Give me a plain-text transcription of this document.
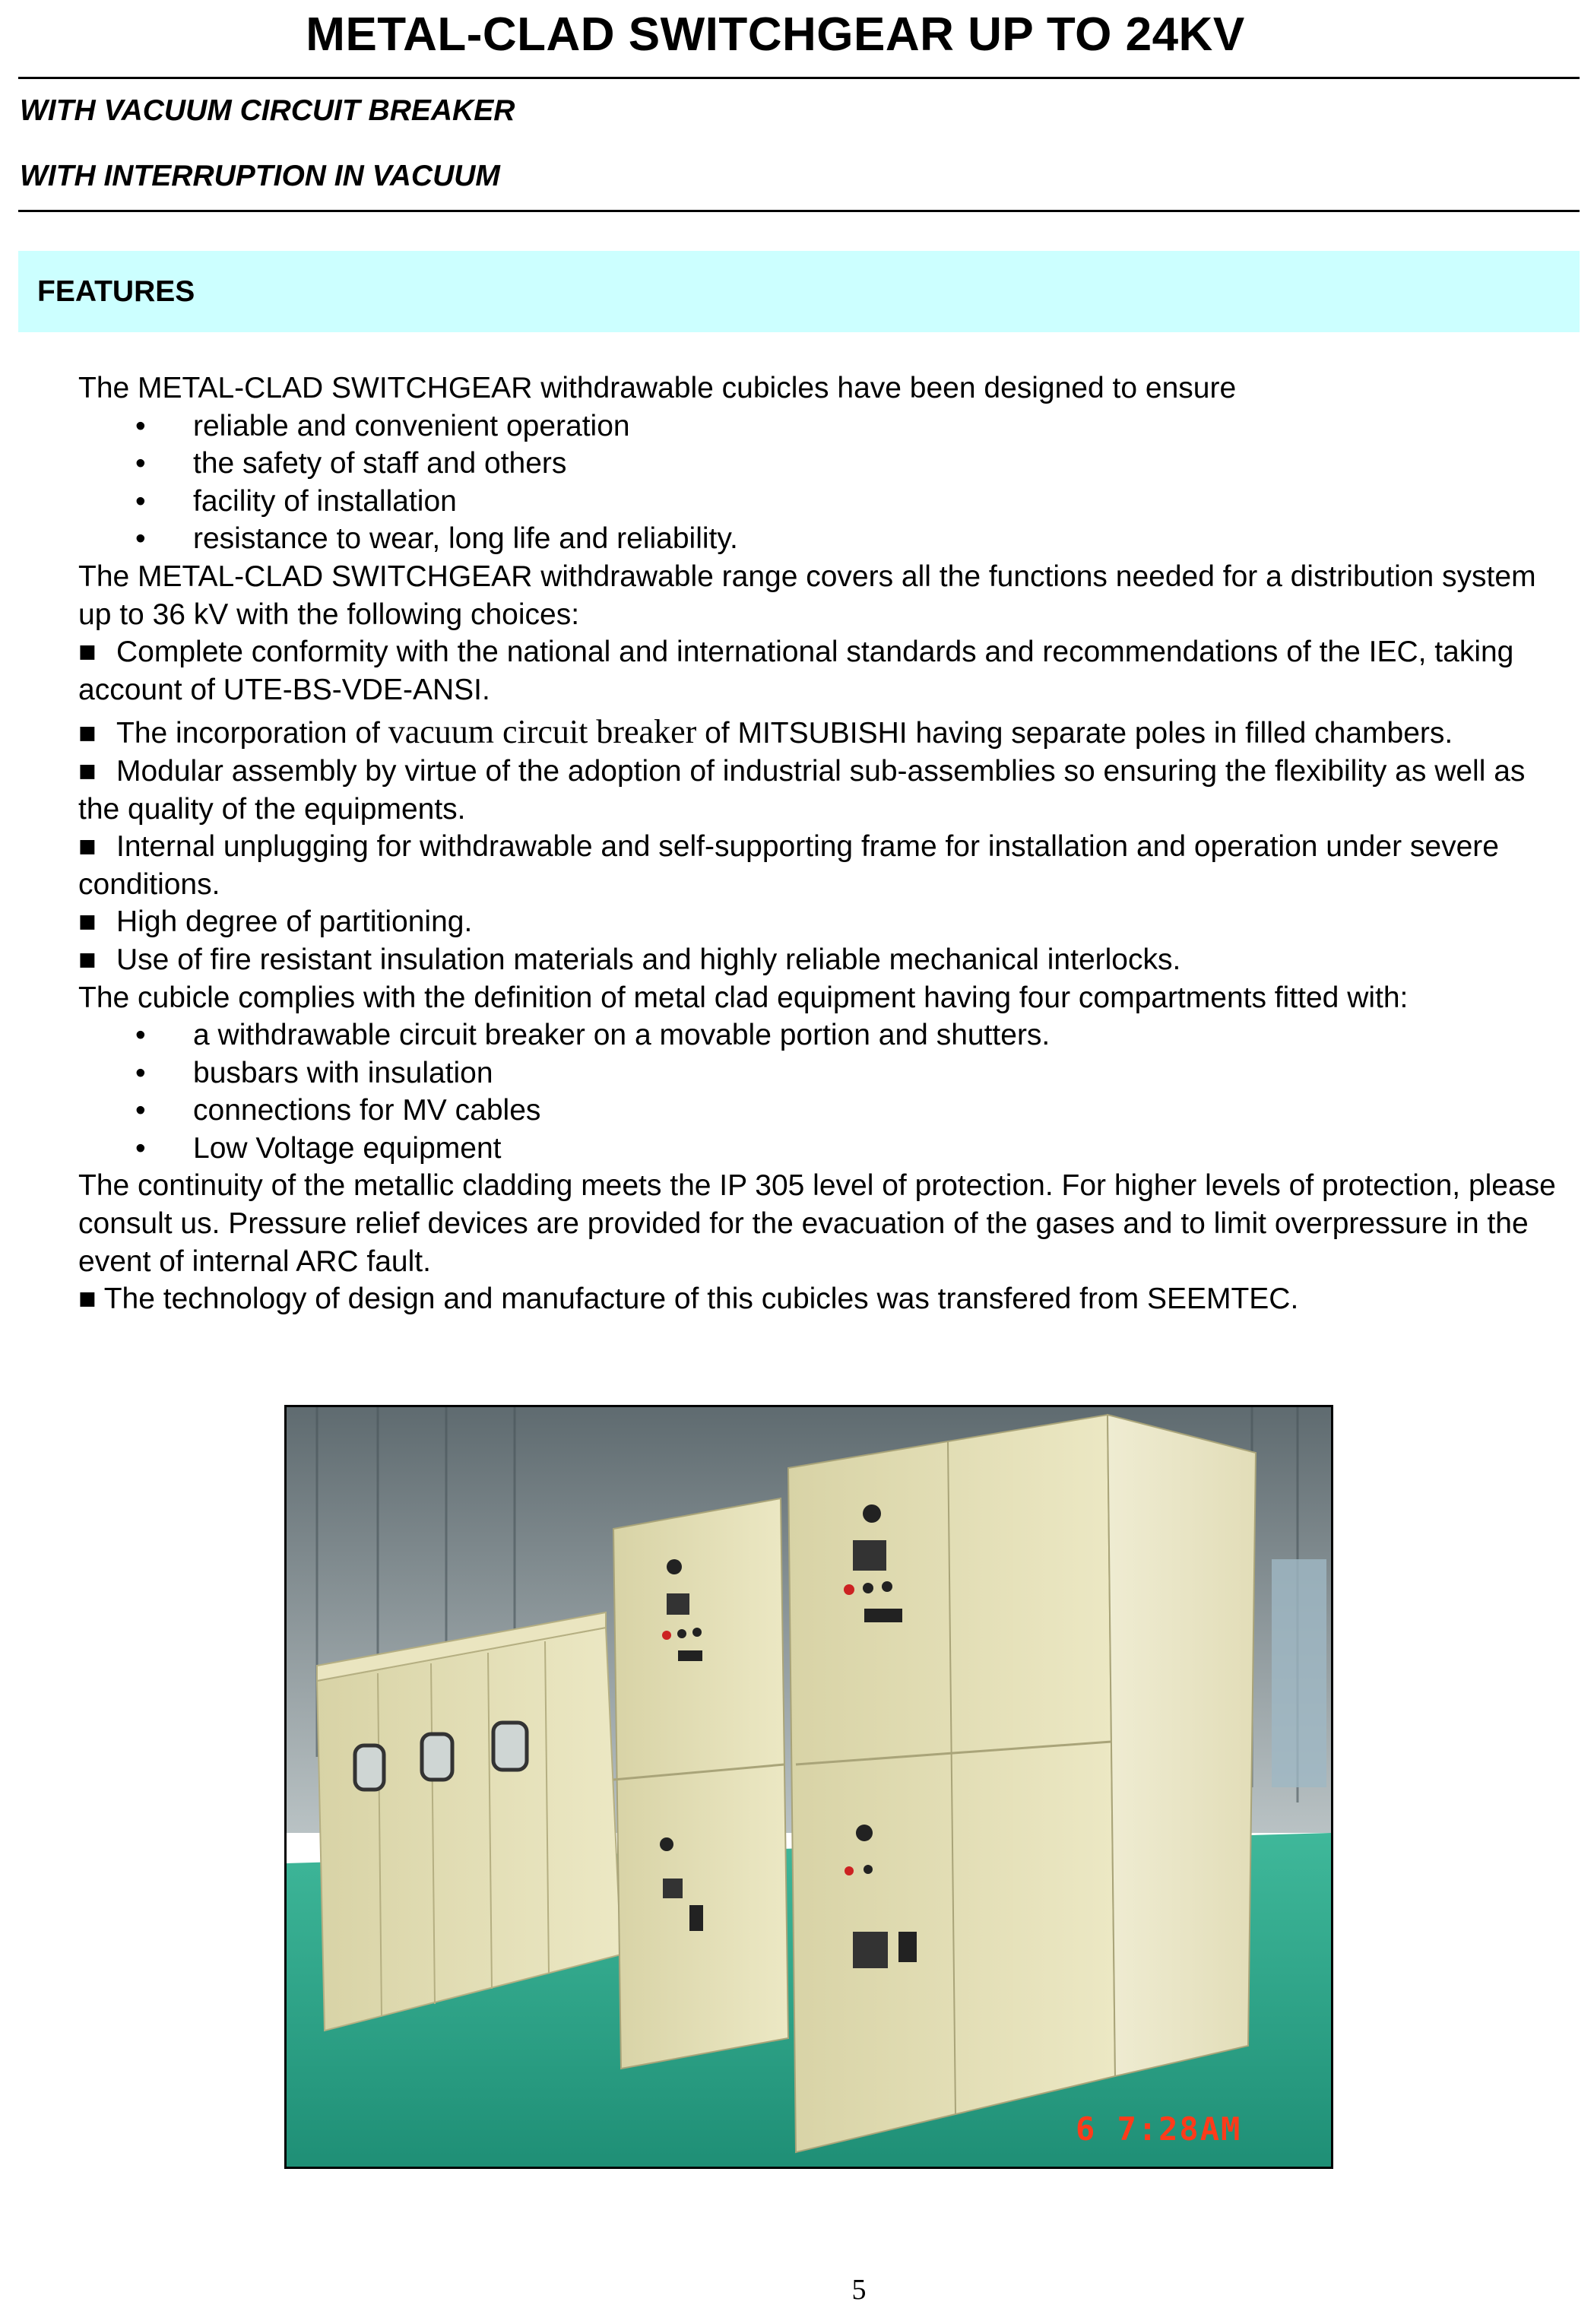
METAL-CLAD SWITCHGEAR UP TO 24KV
WITH VACUUM CIRCUIT BREAKER
WITH INTERRUPTION IN VACUUM
FEATURES

The METAL-CLAD SWITCHGEAR withdrawable cubicles have been designed to ensure

• reliable and convenient operation
• the safety of staff and others
• facility of installation
• resistance to wear, long life and reliability.

The METAL-CLAD SWITCHGEAR withdrawable range covers all the functions needed for a distribution system up to 36 kV with the following choices:

■ Complete conformity with the national and international standards and recommendations of the IEC, taking account of UTE-BS-VDE-ANSI.

■ The incorporation of vacuum circuit breaker of MITSUBISHI having separate poles in filled chambers.

■ Modular assembly by virtue of the adoption of industrial sub-assemblies so ensuring the flexibility as well as the quality of the equipments.

■ Internal unplugging for withdrawable and self-supporting frame for installation and operation under severe conditions.

■ High degree of partitioning.

■ Use of fire resistant insulation materials and highly reliable mechanical interlocks.

The cubicle complies with the definition of metal clad equipment having four compartments fitted with:

• a withdrawable circuit breaker on a movable portion and shutters.
• busbars with insulation
• connections for MV cables
• Low Voltage equipment

The continuity of the metallic cladding meets the IP 305 level of protection. For higher levels of protection, please consult us. Pressure relief devices are provided for the evacuation of the gases and to limit overpressure in the event of internal ARC fault.

■ The technology of design and manufacture of this cubicles was transfered from SEEMTEC.

6 7:28AM
5
